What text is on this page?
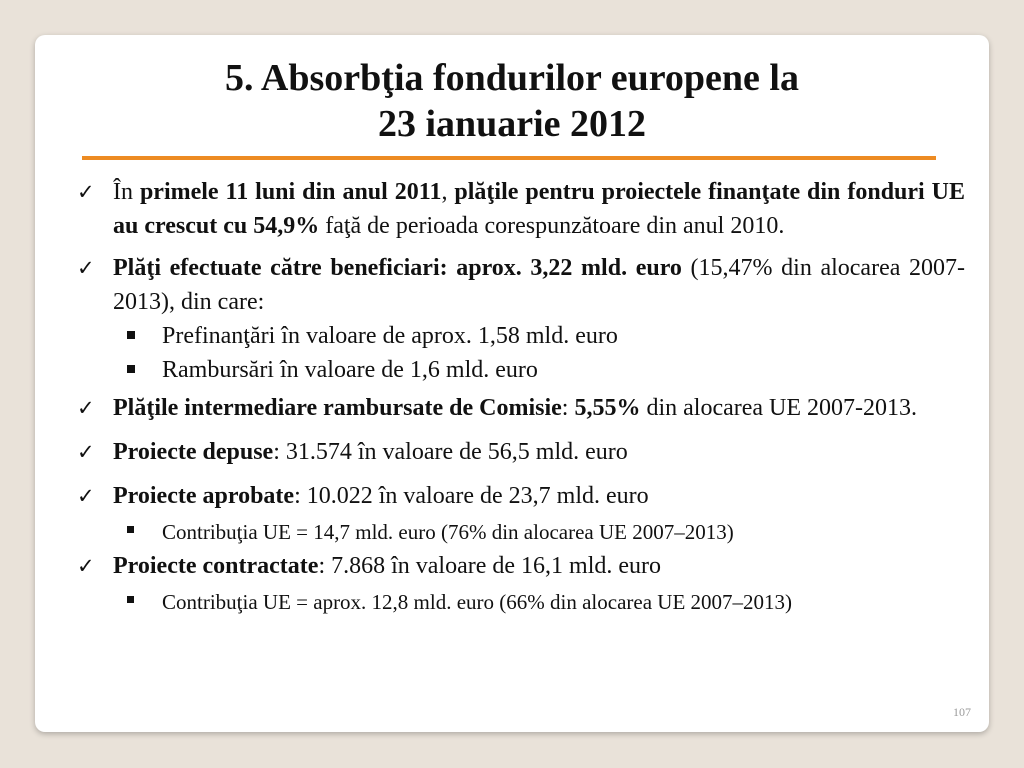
5. Absorbţia fondurilor europene la
23 ianuarie 2012
✓ În primele 11 luni din anul 2011, plăţile pentru proiectele finanţate din fonduri UE au crescut cu 54,9% faţă de perioada corespunzătoare din anul 2010.
✓ Plăţi efectuate către beneficiari: aprox. 3,22 mld. euro (15,47% din alocarea 2007-2013), din care:
Prefinanţări în valoare de aprox. 1,58 mld. euro
Rambursări în valoare de 1,6 mld. euro
✓ Plăţile intermediare rambursate de Comisie: 5,55% din alocarea UE 2007-2013.
✓ Proiecte depuse: 31.574 în valoare de 56,5 mld. euro
✓ Proiecte aprobate: 10.022 în valoare de 23,7 mld. euro
Contribuţia UE = 14,7 mld. euro (76% din alocarea UE 2007–2013)
✓ Proiecte contractate: 7.868 în valoare de 16,1 mld. euro
Contribuţia UE = aprox. 12,8 mld. euro (66% din alocarea UE 2007–2013)
107
